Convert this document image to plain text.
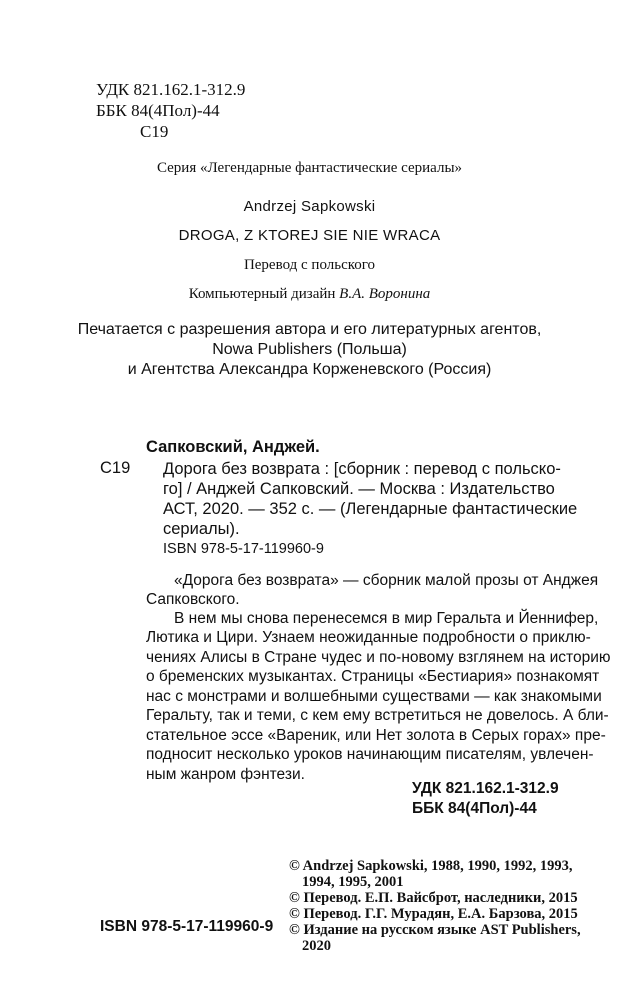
УДК 821.162.1-312.9
ББК 84(4Пол)-44
С19
Серия «Легендарные фантастические сериалы»
Andrzej Sapkowski
DROGA, Z KTOREJ SIE NIE WRACA
Перевод с польского
Компьютерный дизайн В.А. Воронина
Печатается с разрешения автора и его литературных агентов,
Nowa Publishers (Польша)
и Агентства Александра Корженевского (Россия)
Сапковский, Анджей.
С19 Дорога без возврата : [сборник : перевод с польско-
го] / Анджей Сапковский. — Москва : Издательство
АСТ, 2020. — 352 с. — (Легендарные фантастические
сериалы).
ISBN 978-5-17-119960-9
«Дорога без возврата» — сборник малой прозы от Анджея
Сапковского.
В нем мы снова перенесемся в мир Геральта и Йеннифер,
Лютика и Цири. Узнаем неожиданные подробности о приклю-
чениях Алисы в Стране чудес и по-новому взглянем на историю
о бременских музыкантах. Страницы «Бестиария» познакомят
нас с монстрами и волшебными существами — как знакомыми
Геральту, так и теми, с кем ему встретиться не довелось. А бли-
стательное эссе «Вареник, или Нет золота в Серых горах» пре-
подносит несколько уроков начинающим писателям, увлечен-
ным жанром фэнтези.
УДК 821.162.1-312.9
ББК 84(4Пол)-44
© Andrzej Sapkowski, 1988, 1990, 1992, 1993,
1994, 1995, 2001
© Перевод. Е.П. Вайсброт, наследники, 2015
© Перевод. Г.Г. Мурадян, Е.А. Барзова, 2015
© Издание на русском языке AST Publishers,
2020
ISBN 978-5-17-119960-9
